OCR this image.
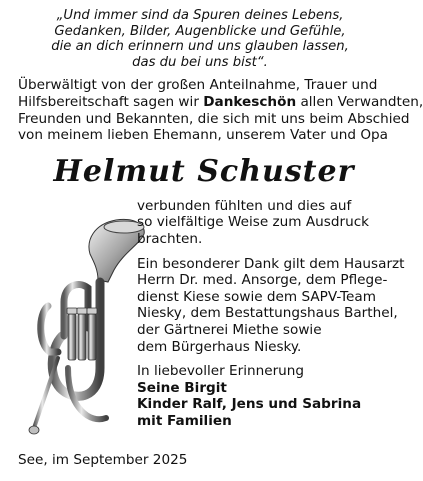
„Und immer sind da Spuren deines Lebens,
Gedanken, Bilder, Augenblicke und Gefühle,
die an dich erinnern und uns glauben lassen,
das du bei uns bist“.
Überwältigt von der großen Anteilnahme, Trauer und
Hilfsbereitschaft sagen wir Dankeschön allen Verwandten,
Freunden und Bekannten, die sich mit uns beim Abschied
von meinem lieben Ehemann, unserem Vater und Opa
Helmut Schuster
verbunden fühlten und dies auf
so vielfältige Weise zum Ausdruck
brachten.
Ein besonderer Dank gilt dem Hausarzt
Herrn Dr. med. Ansorge, dem Pflege-
dienst Kiese sowie dem SAPV-Team
Niesky, dem Bestattungshaus Barthel,
der Gärtnerei Miethe sowie
dem Bürgerhaus Niesky.
In liebevoller Erinnerung
Seine Birgit
Kinder Ralf, Jens und Sabrina
mit Familien
See, im September 2025
